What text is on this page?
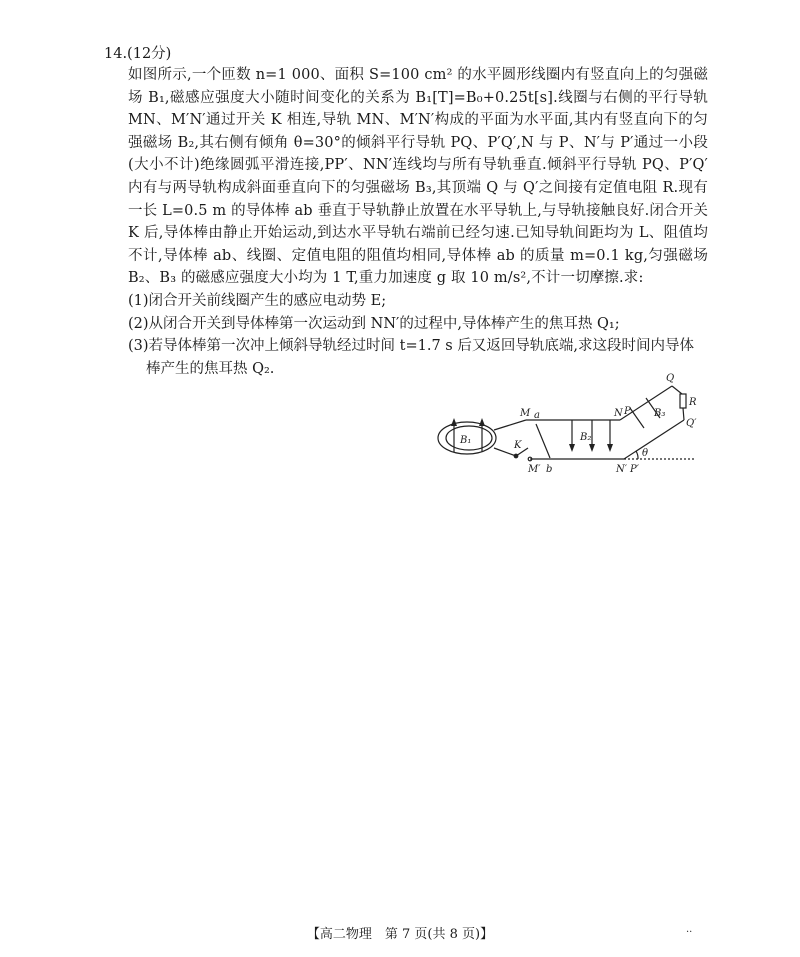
14.(12分)

如图所示,一个匝数 n=1 000、面积 S=100 cm² 的水平圆形线圈内有竖直向上的匀强磁场 B₁,磁感应强度大小随时间变化的关系为 B₁[T]=B₀+0.25t[s].线圈与右侧的平行导轨 MN、M′N′通过开关 K 相连,导轨 MN、M′N′构成的平面为水平面,其内有竖直向下的匀强磁场 B₂,其右侧有倾角 θ=30°的倾斜平行导轨 PQ、P′Q′,N 与 P、N′与 P′通过一小段(大小不计)绝缘圆弧平滑连接,PP′、NN′连线均与所有导轨垂直.倾斜平行导轨 PQ、P′Q′内有与两导轨构成斜面垂直向下的匀强磁场 B₃,其顶端 Q 与 Q′之间接有定值电阻 R.现有一长 L=0.5 m 的导体棒 ab 垂直于导轨静止放置在水平导轨上,与导轨接触良好.闭合开关 K 后,导体棒由静止开始运动,到达水平导轨右端前已经匀速.已知导轨间距均为 L、阻值均不计,导体棒 ab、线圈、定值电阻的阻值均相同,导体棒 ab 的质量 m=0.1 kg,匀强磁场 B₂、B₃ 的磁感应强度大小均为 1 T,重力加速度 g 取 10 m/s²,不计一切摩擦.求:

(1)闭合开关前线圈产生的感应电动势 E;
(2)从闭合开关到导体棒第一次运动到 NN′的过程中,导体棒产生的焦耳热 Q₁;
(3)若导体棒第一次冲上倾斜导轨经过时间 t=1.7 s 后又返回导轨底端,求这段时间内导体
棒产生的焦耳热 Q₂.
M a	N P
Q
R
B₁	B₂
B₃
K
M′ b	N′ P′
Q′
θ
【高二物理　第 7 页(共 8 页)】	··
